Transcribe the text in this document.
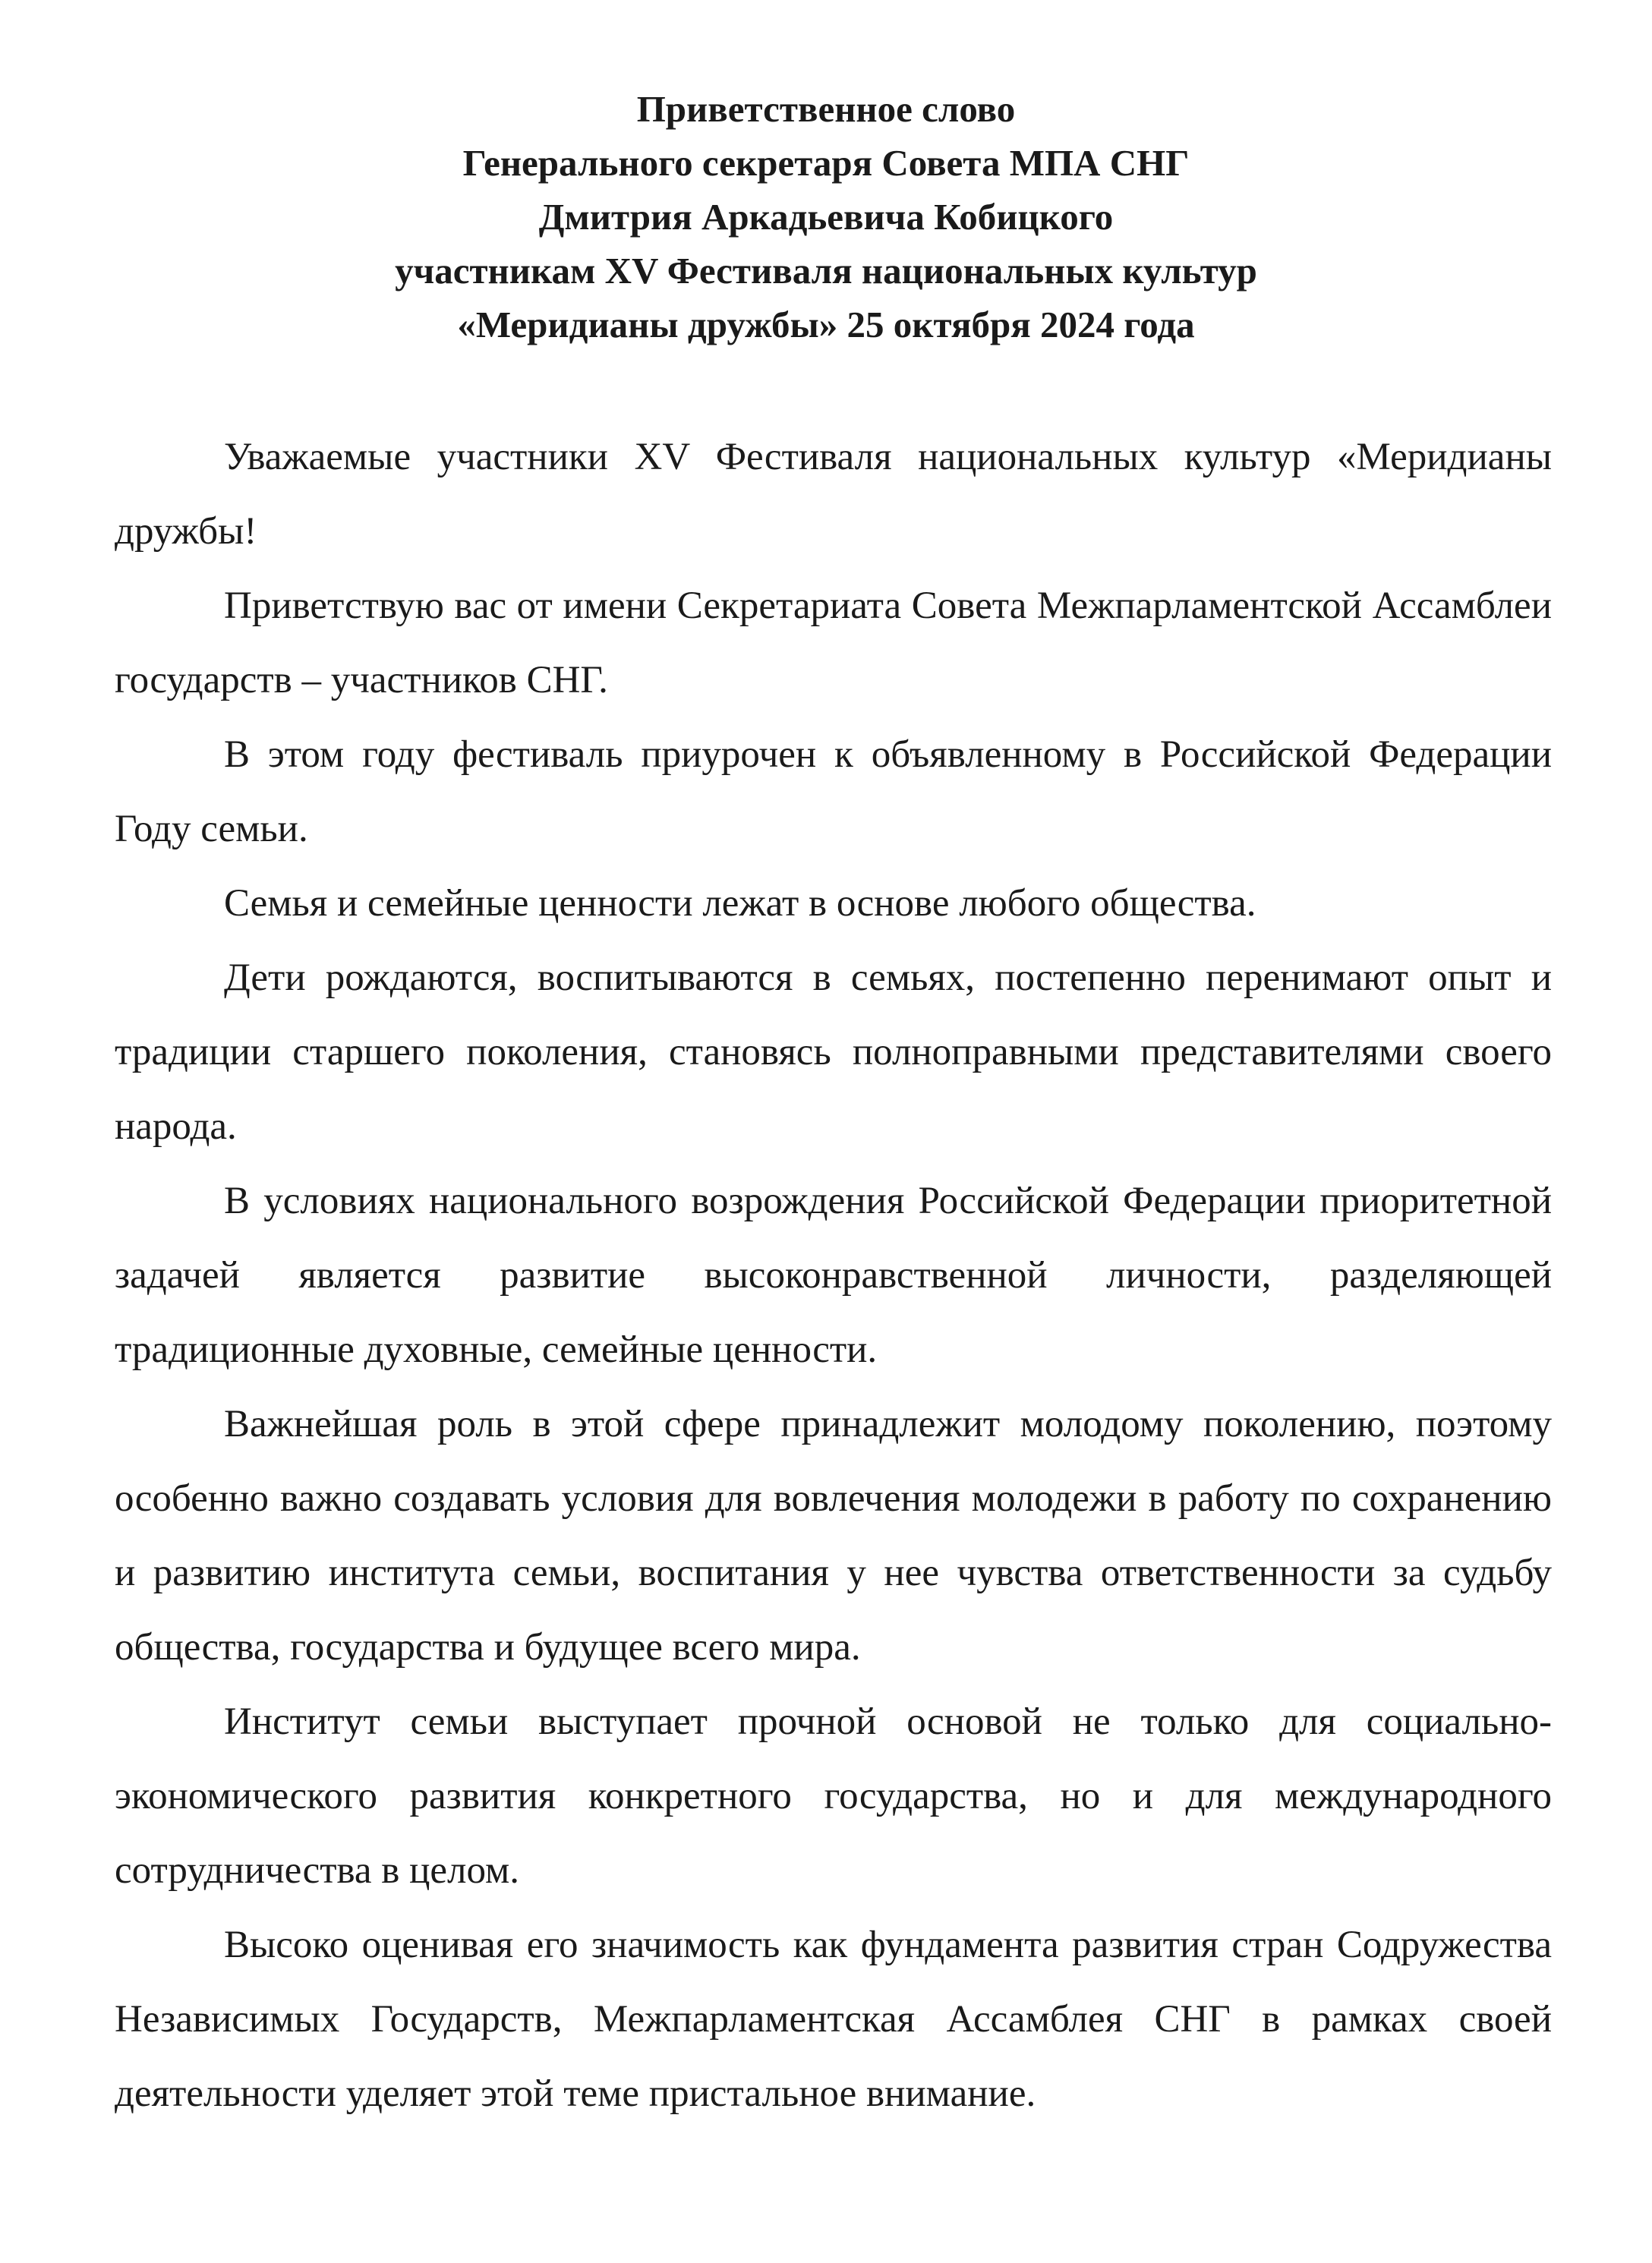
Приветственное слово
Генерального секретаря Совета МПА СНГ
Дмитрия Аркадьевича Кобицкого
участникам XV Фестиваля национальных культур
«Меридианы дружбы» 25 октября 2024 года

Уважаемые участники XV Фестиваля национальных культур «Меридианы дружбы!

Приветствую вас от имени Секретариата Совета Межпарламентской Ассамблеи государств – участников СНГ.

В этом году фестиваль приурочен к объявленному в Российской Федерации Году семьи.

Семья и семейные ценности лежат в основе любого общества.

Дети рождаются, воспитываются в семьях, постепенно перенимают опыт и традиции старшего поколения, становясь полноправными представителями своего народа.

В условиях национального возрождения Российской Федерации приоритетной задачей является развитие высоконравственной личности, разделяющей традиционные духовные, семейные ценности.

Важнейшая роль в этой сфере принадлежит молодому поколению, поэтому особенно важно создавать условия для вовлечения молодежи в работу по сохранению и развитию института семьи, воспитания у нее чувства ответственности за судьбу общества, государства и будущее всего мира.

Институт семьи выступает прочной основой не только для социально-экономического развития конкретного государства, но и для международного сотрудничества в целом.

Высоко оценивая его значимость как фундамента развития стран Содружества Независимых Государств, Межпарламентская Ассамблея СНГ в рамках своей деятельности уделяет этой теме пристальное внимание.
